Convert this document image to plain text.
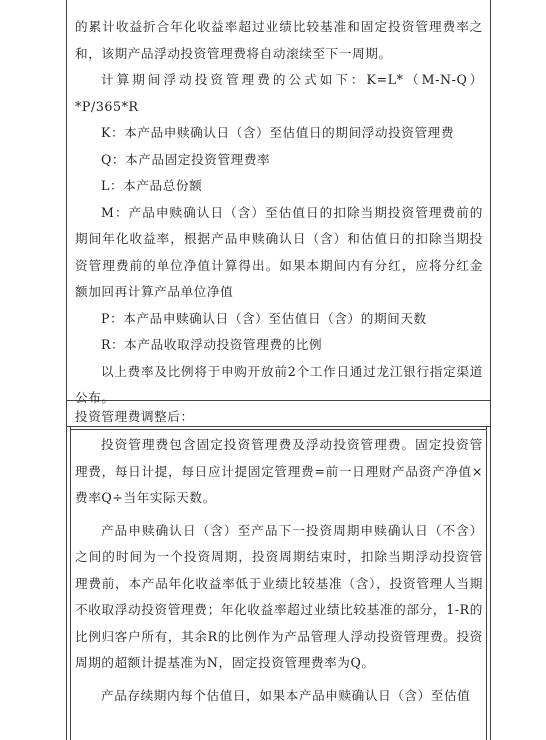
的累计收益折合年化收益率超过业绩比较基准和固定投资管理费率之和，该期产品浮动投资管理费将自动滚续至下一周期。

计算期间浮动投资管理费的公式如下：K=L*（M-N-Q）*P/365*R

K：本产品申赎确认日（含）至估值日的期间浮动投资管理费

Q：本产品固定投资管理费率

L：本产品总份额

M：产品申赎确认日（含）至估值日的扣除当期投资管理费前的期间年化收益率，根据产品申赎确认日（含）和估值日的扣除当期投资管理费前的单位净值计算得出。如果本期间内有分红，应将分红金额加回再计算产品单位净值

P：本产品申赎确认日（含）至估值日（含）的期间天数

R：本产品收取浮动投资管理费的比例

以上费率及比例将于申购开放前2个工作日通过龙江银行指定渠道公布。

投资管理费调整后：

投资管理费包含固定投资管理费及浮动投资管理费。固定投资管理费，每日计提，每日应计提固定管理费=前一日理财产品资产净值×费率Q÷当年实际天数。

产品申赎确认日（含）至产品下一投资周期申赎确认日（不含）之间的时间为一个投资周期，投资周期结束时，扣除当期浮动投资管理费前，本产品年化收益率低于业绩比较基准（含），投资管理人当期不收取浮动投资管理费；年化收益率超过业绩比较基准的部分，1-R的比例归客户所有，其余R的比例作为产品管理人浮动投资管理费。投资周期的超额计提基准为N，固定投资管理费率为Q。

产品存续期内每个估值日，如果本产品申赎确认日（含）至估值
